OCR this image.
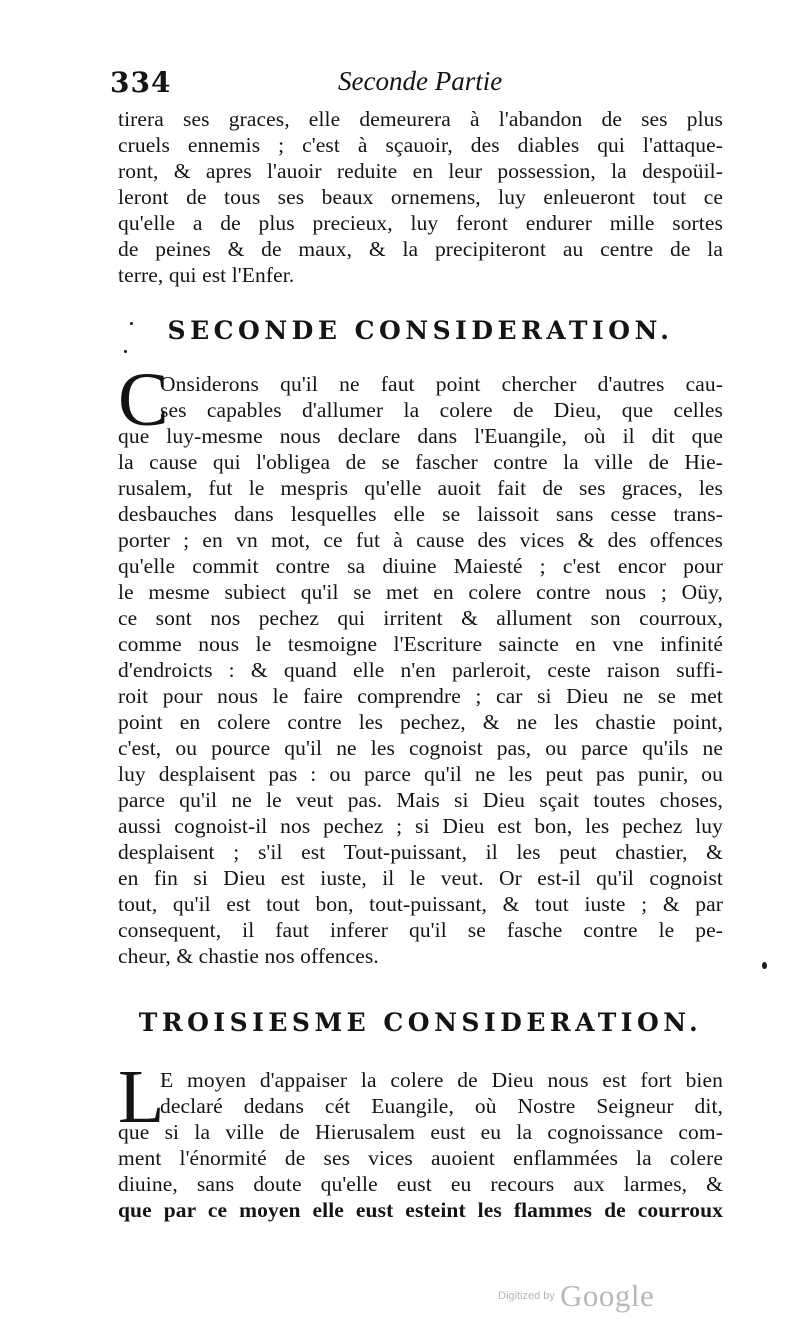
334	Seconde Partie
tirera ses graces, elle demeurera à l'abandon de ses plus
cruels ennemis ; c'est à sçauoir, des diables qui l'attaque-
ront, & apres l'auoir reduite en leur possession, la despoüil-
leront de tous ses beaux ornemens, luy enleueront tout ce
qu'elle a de plus precieux, luy feront endurer mille sortes
de peines & de maux, & la precipiteront au centre de la
terre, qui est l'Enfer.
SECONDE CONSIDERATION.
C
Onsiderons qu'il ne faut point chercher d'autres cau-
ses capables d'allumer la colere de Dieu, que celles
que luy-mesme nous declare dans l'Euangile, où il dit que
la cause qui l'obligea de se fascher contre la ville de Hie-
rusalem, fut le mespris qu'elle auoit fait de ses graces, les
desbauches dans lesquelles elle se laissoit sans cesse trans-
porter ; en vn mot, ce fut à cause des vices & des offences
qu'elle commit contre sa diuine Maiesté ; c'est encor pour
le mesme subiect qu'il se met en colere contre nous ; Oüy,
ce sont nos pechez qui irritent & allument son courroux,
comme nous le tesmoigne l'Escriture saincte en vne infinité
d'endroicts : & quand elle n'en parleroit, ceste raison suffi-
roit pour nous le faire comprendre ; car si Dieu ne se met
point en colere contre les pechez, & ne les chastie point,
c'est, ou pource qu'il ne les cognoist pas, ou parce qu'ils ne
luy desplaisent pas : ou parce qu'il ne les peut pas punir, ou
parce qu'il ne le veut pas. Mais si Dieu sçait toutes choses,
aussi cognoist-il nos pechez ; si Dieu est bon, les pechez luy
desplaisent ; s'il est Tout-puissant, il les peut chastier, &
en fin si Dieu est iuste, il le veut. Or est-il qu'il cognoist
tout, qu'il est tout bon, tout-puissant, & tout iuste ; & par
consequent, il faut inferer qu'il se fasche contre le pe-
cheur, & chastie nos offences.
TROISIESME CONSIDERATION.
L
E moyen d'appaiser la colere de Dieu nous est fort bien
declaré dedans cét Euangile, où Nostre Seigneur dit,
que si la ville de Hierusalem eust eu la cognoissance com-
ment l'énormité de ses vices auoient enflammées la colere
diuine, sans doute qu'elle eust eu recours aux larmes, &
que par ce moyen elle eust esteint les flammes de courroux
Digitized by Google
